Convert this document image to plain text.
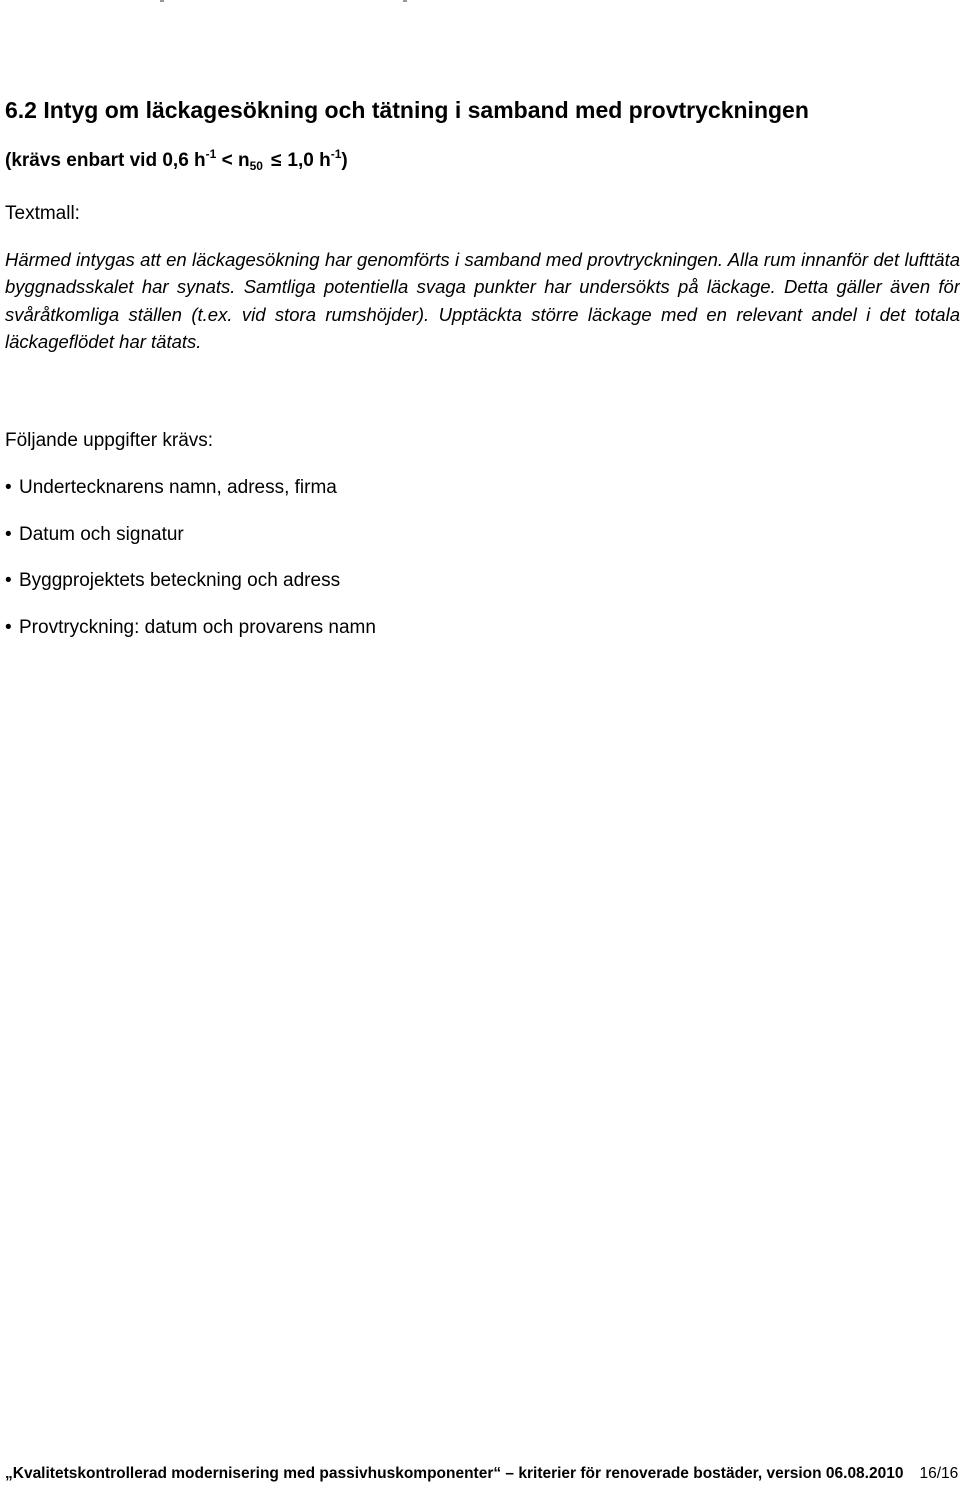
6.2 Intyg om läckagesökning och tätning i samband med provtryckningen

(krävs enbart vid 0,6 $h^{-1} < n_{50} \le 1,0$ $h^{-1}$)

Textmall:

Härmed intygas att en läckagesökning har genomförts i samband med provtryckningen. Alla rum innanför det lufttäta byggnadsskalet har synats. Samtliga potentiella svaga punkter har undersökts på läckage. Detta gäller även för svåråtkomliga ställen (t.ex. vid stora rumshöjder). Upptäckta större läckage med en relevant andel i det totala läckageflödet har tätats.

Följande uppgifter krävs:

• Undertecknarens namn, adress, firma
• Datum och signatur
• Byggprojektets beteckning och adress
• Provtryckning: datum och provarens namn

„Kvalitetskontrollerad modernisering med passivhuskomponenter“ – kriterier för renoverade bostäder, version 06.08.2010 16/16
